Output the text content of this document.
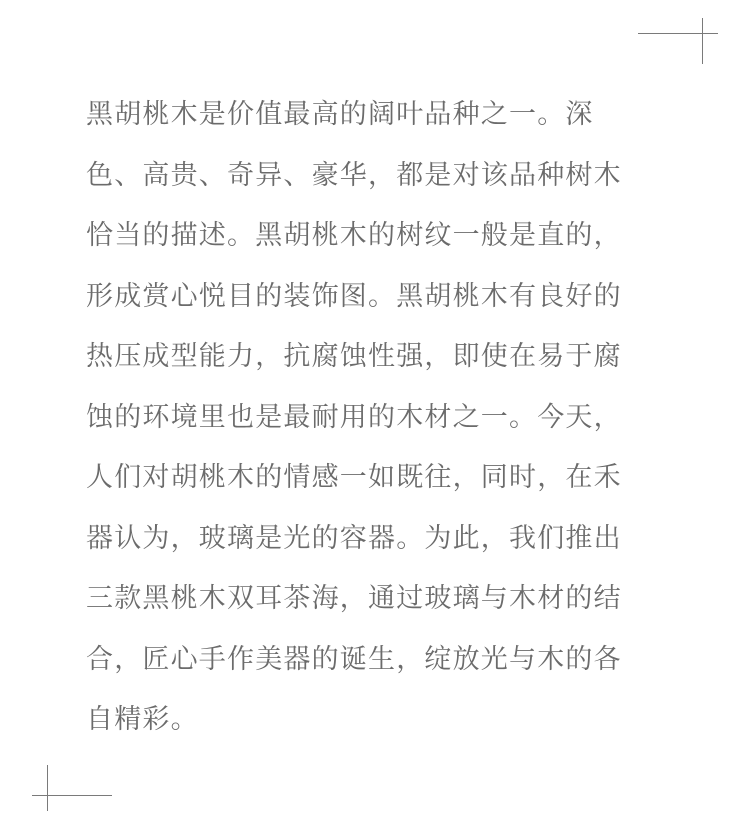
黑胡桃木是价值最高的阔叶品种之一。深
色、高贵、奇异、豪华，都是对该品种树木
恰当的描述。黑胡桃木的树纹一般是直的，
形成赏心悦目的装饰图。黑胡桃木有良好的
热压成型能力，抗腐蚀性强，即使在易于腐
蚀的环境里也是最耐用的木材之一。今天，
人们对胡桃木的情感一如既往，同时，在禾
器认为，玻璃是光的容器。为此，我们推出
三款黑桃木双耳茶海，通过玻璃与木材的结
合，匠心手作美器的诞生，绽放光与木的各
自精彩。
